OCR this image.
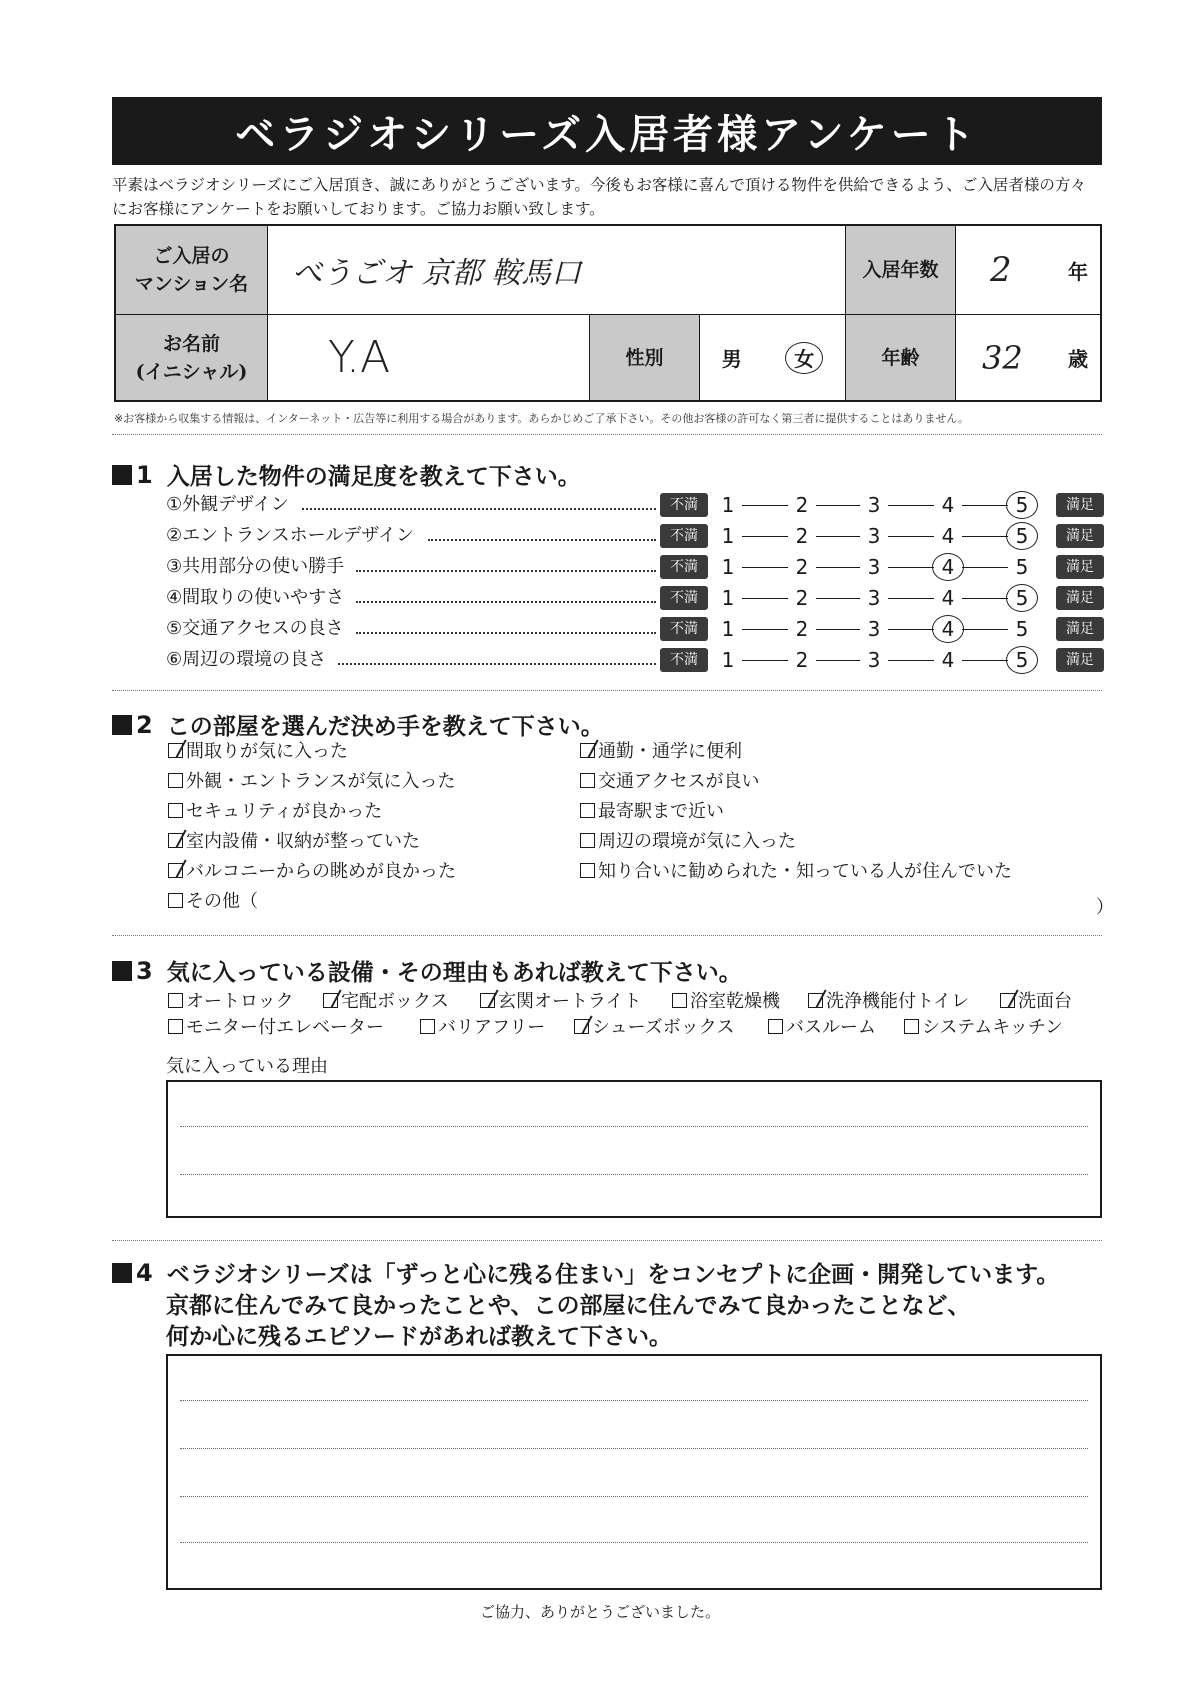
ベラジオシリーズ入居者様アンケート
平素はベラジオシリーズにご入居頂き、誠にありがとうございます。今後もお客様に喜んで頂ける物件を供給できるよう、ご入居者様の方々
にお客様にアンケートをお願いしております。ご協力お願い致します。
ご入居の
マンション名	べうごオ 京都 鞍馬口	入居年数	2	年
お名前
(イニシャル)	Y.A	性別	男	女	年齢	32 歳
※お客様から収集する情報は、インターネット・広告等に利用する場合があります。あらかじめご了承下さい。その他お客様の許可なく第三者に提供することはありません。
1 入居した物件の満足度を教えて下さい。
①外観デザイン	不満	1	2	3	4	5	満足
②エントランスホールデザイン	不満	1	2	3	4	5	満足
③共用部分の使い勝手	不満	1	2	3	4	5	満足
④間取りの使いやすさ	不満	1	2	3	4	5	満足
⑤交通アクセスの良さ	不満	1	2	3	4	5	満足
⑥周辺の環境の良さ	不満	1	2	3	4	5	満足
2 この部屋を選んだ決め手を教えて下さい。
間取りが気に入った
外観・エントランスが気に入った
セキュリティが良かった
室内設備・収納が整っていた
バルコニーからの眺めが良かった
その他（
通勤・通学に便利
交通アクセスが良い
最寄駅まで近い
周辺の環境が気に入った
知り合いに勧められた・知っている人が住んでいた
）
3 気に入っている設備・その理由もあれば教えて下さい。
オートロック	宅配ボックス	玄関オートライト	浴室乾燥機	洗浄機能付トイレ	洗面台
モニター付エレベーター	バリアフリー	シューズボックス	バスルーム	システムキッチン
気に入っている理由
4 ベラジオシリーズは「ずっと心に残る住まい」をコンセプトに企画・開発しています。
京都に住んでみて良かったことや、この部屋に住んでみて良かったことなど、
何か心に残るエピソードがあれば教えて下さい。
ご協力、ありがとうございました。
